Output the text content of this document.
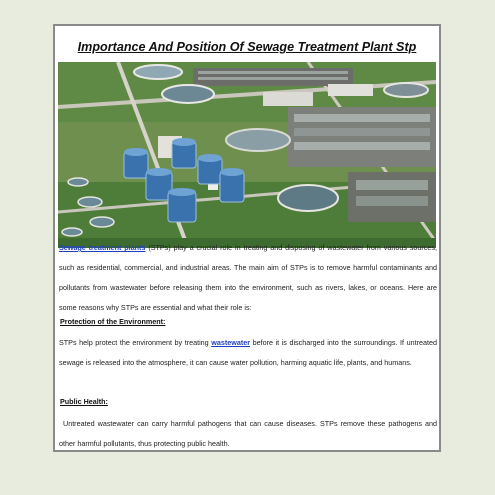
Importance And Position Of Sewage Treatment Plant Stp
Sewage treatment plants (STPs) play a crucial role in treating and disposing of wastewater from various sources, such as residential, commercial, and industrial areas. The main aim of STPs is to remove harmful contaminants and pollutants from wastewater before releasing them into the environment, such as rivers, lakes, or oceans. Here are some reasons why STPs are essential and what their role is:
Protection of the Environment:
STPs help protect the environment by treating wastewater before it is discharged into the surroundings. If untreated sewage is released into the atmosphere, it can cause water pollution, harming aquatic life, plants, and humans.
Public Health:
Untreated wastewater can carry harmful pathogens that can cause diseases. STPs remove these pathogens and other harmful pollutants, thus protecting public health.
